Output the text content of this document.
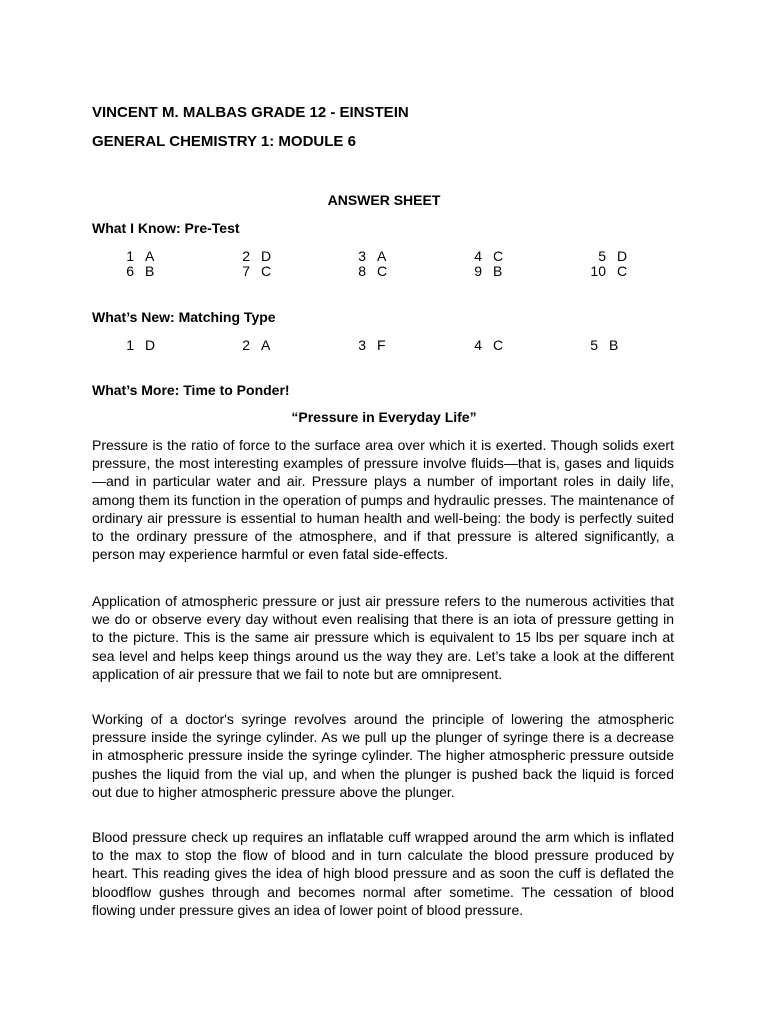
VINCENT M. MALBAS GRADE 12 - EINSTEIN
GENERAL CHEMISTRY 1: MODULE 6
ANSWER SHEET
What I Know: Pre-Test
1 A	2 D	3 A	4 C	5 D
6 B	7 C	8 C	9 B	10 C
What’s New: Matching Type
1 D	2 A	3 F	4 C	5 B
What’s More: Time to Ponder!
“Pressure in Everyday Life”

Pressure is the ratio of force to the surface area over which it is exerted. Though solids exert pressure, the most interesting examples of pressure involve fluids—that is, gases and liquids—and in particular water and air. Pressure plays a number of important roles in daily life, among them its function in the operation of pumps and hydraulic presses. The maintenance of ordinary air pressure is essential to human health and well-being: the body is perfectly suited to the ordinary pressure of the atmosphere, and if that pressure is altered significantly, a person may experience harmful or even fatal side-effects.

Application of atmospheric pressure or just air pressure refers to the numerous activities that we do or observe every day without even realising that there is an iota of pressure getting in to the picture. This is the same air pressure which is equivalent to 15 lbs per square inch at sea level and helps keep things around us the way they are. Let’s take a look at the different application of air pressure that we fail to note but are omnipresent.

Working of a doctor's syringe revolves around the principle of lowering the atmospheric pressure inside the syringe cylinder. As we pull up the plunger of syringe there is a decrease in atmospheric pressure inside the syringe cylinder. The higher atmospheric pressure outside pushes the liquid from the vial up, and when the plunger is pushed back the liquid is forced out due to higher atmospheric pressure above the plunger.

Blood pressure check up requires an inflatable cuff wrapped around the arm which is inflated to the max to stop the flow of blood and in turn calculate the blood pressure produced by heart. This reading gives the idea of high blood pressure and as soon the cuff is deflated the bloodflow gushes through and becomes normal after sometime. The cessation of blood flowing under pressure gives an idea of lower point of blood pressure.
